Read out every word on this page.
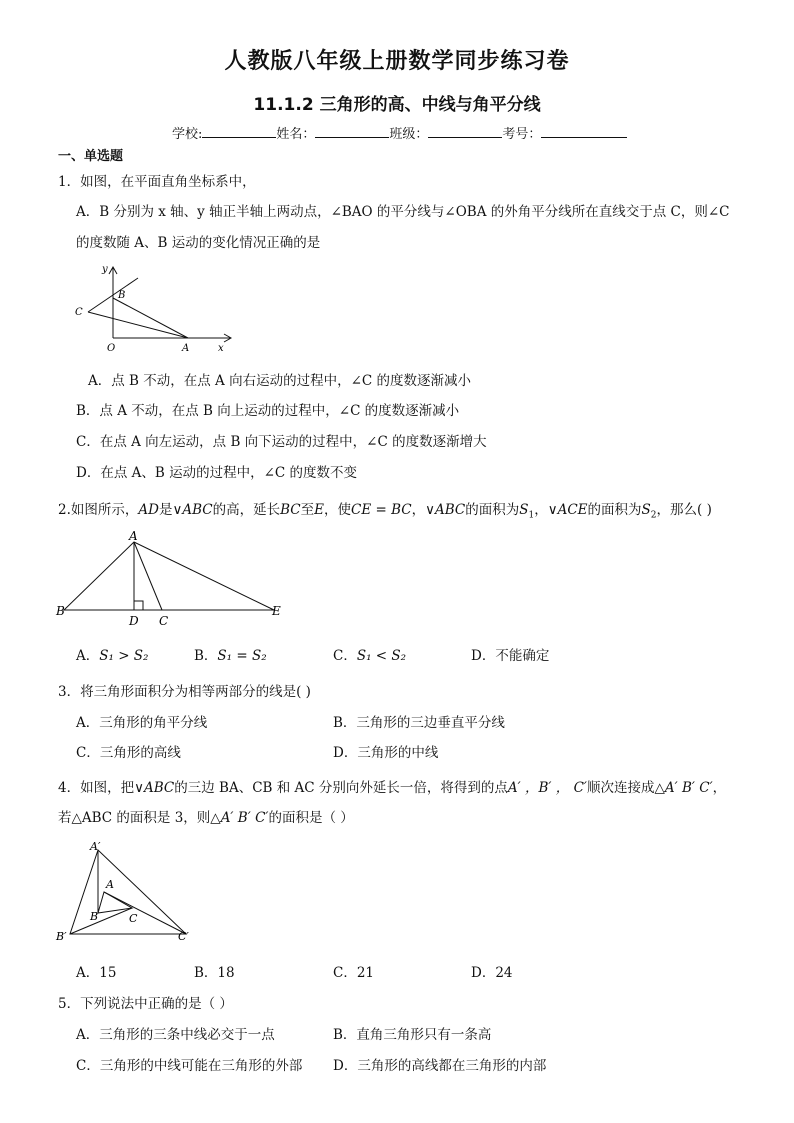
人教版八年级上册数学同步练习卷
11.1.2 三角形的高、中线与角平分线
学校:	姓名：	班级：	考号：
一、单选题
1．如图，在平面直角坐标系中，
A．B 分别为 x 轴、y 轴正半轴上两动点，∠BAO 的平分线与∠OBA 的外角平分线所在直线交于点 C，则∠C
的度数随 A、B 运动的变化情况正确的是
y
B
C
O	A	x
A．点 B 不动，在点 A 向右运动的过程中，∠C 的度数逐渐减小
B．点 A 不动，在点 B 向上运动的过程中，∠C 的度数逐渐减小
C．在点 A 向左运动，点 B 向下运动的过程中，∠C 的度数逐渐增大
D．在点 A、B 运动的过程中，∠C 的度数不变
2.如图所示，AD是∨ABC的高，延长BC至E，使CE = BC，∨ABC的面积为$S_1$，∨ACE的面积为$S_2$，那么( )
A
B
D C
E
A．S₁ > S₂	B．S₁ = S₂	C．S₁ < S₂	D．不能确定
3．将三角形面积分为相等两部分的线是( )
A．三角形的角平分线	B．三角形的三边垂直平分线
C．三角形的高线	D．三角形的中线
4．如图，把∨ABC的三边 BA、CB 和 AC 分别向外延长一倍，将得到的点A′ ，B′ ， C′顺次连接成△A′ B′ C′，
若△ABC 的面积是 3，则△A′ B′ C′的面积是（ ）
A′
A
B	C
B′	C′
A．15	B．18	C．21	D．24
5．下列说法中正确的是（ ）
A．三角形的三条中线必交于一点	B．直角三角形只有一条高
C．三角形的中线可能在三角形的外部 D．三角形的高线都在三角形的内部
